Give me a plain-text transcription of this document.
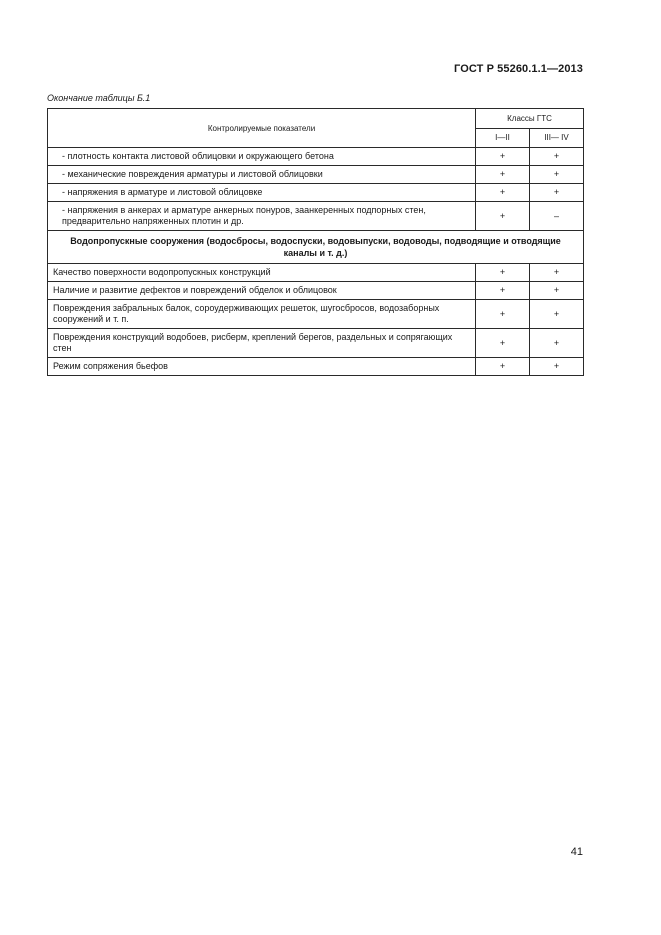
ГОСТ Р 55260.1.1—2013
Окончание таблицы Б.1
Контролируемые показатели	Классы ГТС	
	I—II	III— IV
- плотность контакта листовой облицовки и окружающего бетона	+	+
- механические повреждения арматуры и листовой облицовки	+	+
- напряжения в арматуре и листовой облицовке	+	+
- напряжения в анкерах и арматуре анкерных понуров, заанкеренных подпорных стен, предварительно напряженных плотин и др.	+	–
Водопропускные сооружения (водосбросы, водоспуски, водовыпуски, водоводы, подводящие и отводящие каналы и т. д.)		
Качество поверхности водопропускных конструкций	+	+
Наличие и развитие дефектов и повреждений обделок и облицовок	+	+
Повреждения забральных балок, сороудерживающих решеток, шугосбросов, водозаборных сооружений и т. п.	+	+
Повреждения конструкций водобоев, рисберм, креплений берегов, раздельных и сопрягающих стен	+	+
Режим сопряжения бьефов	+	+
41
